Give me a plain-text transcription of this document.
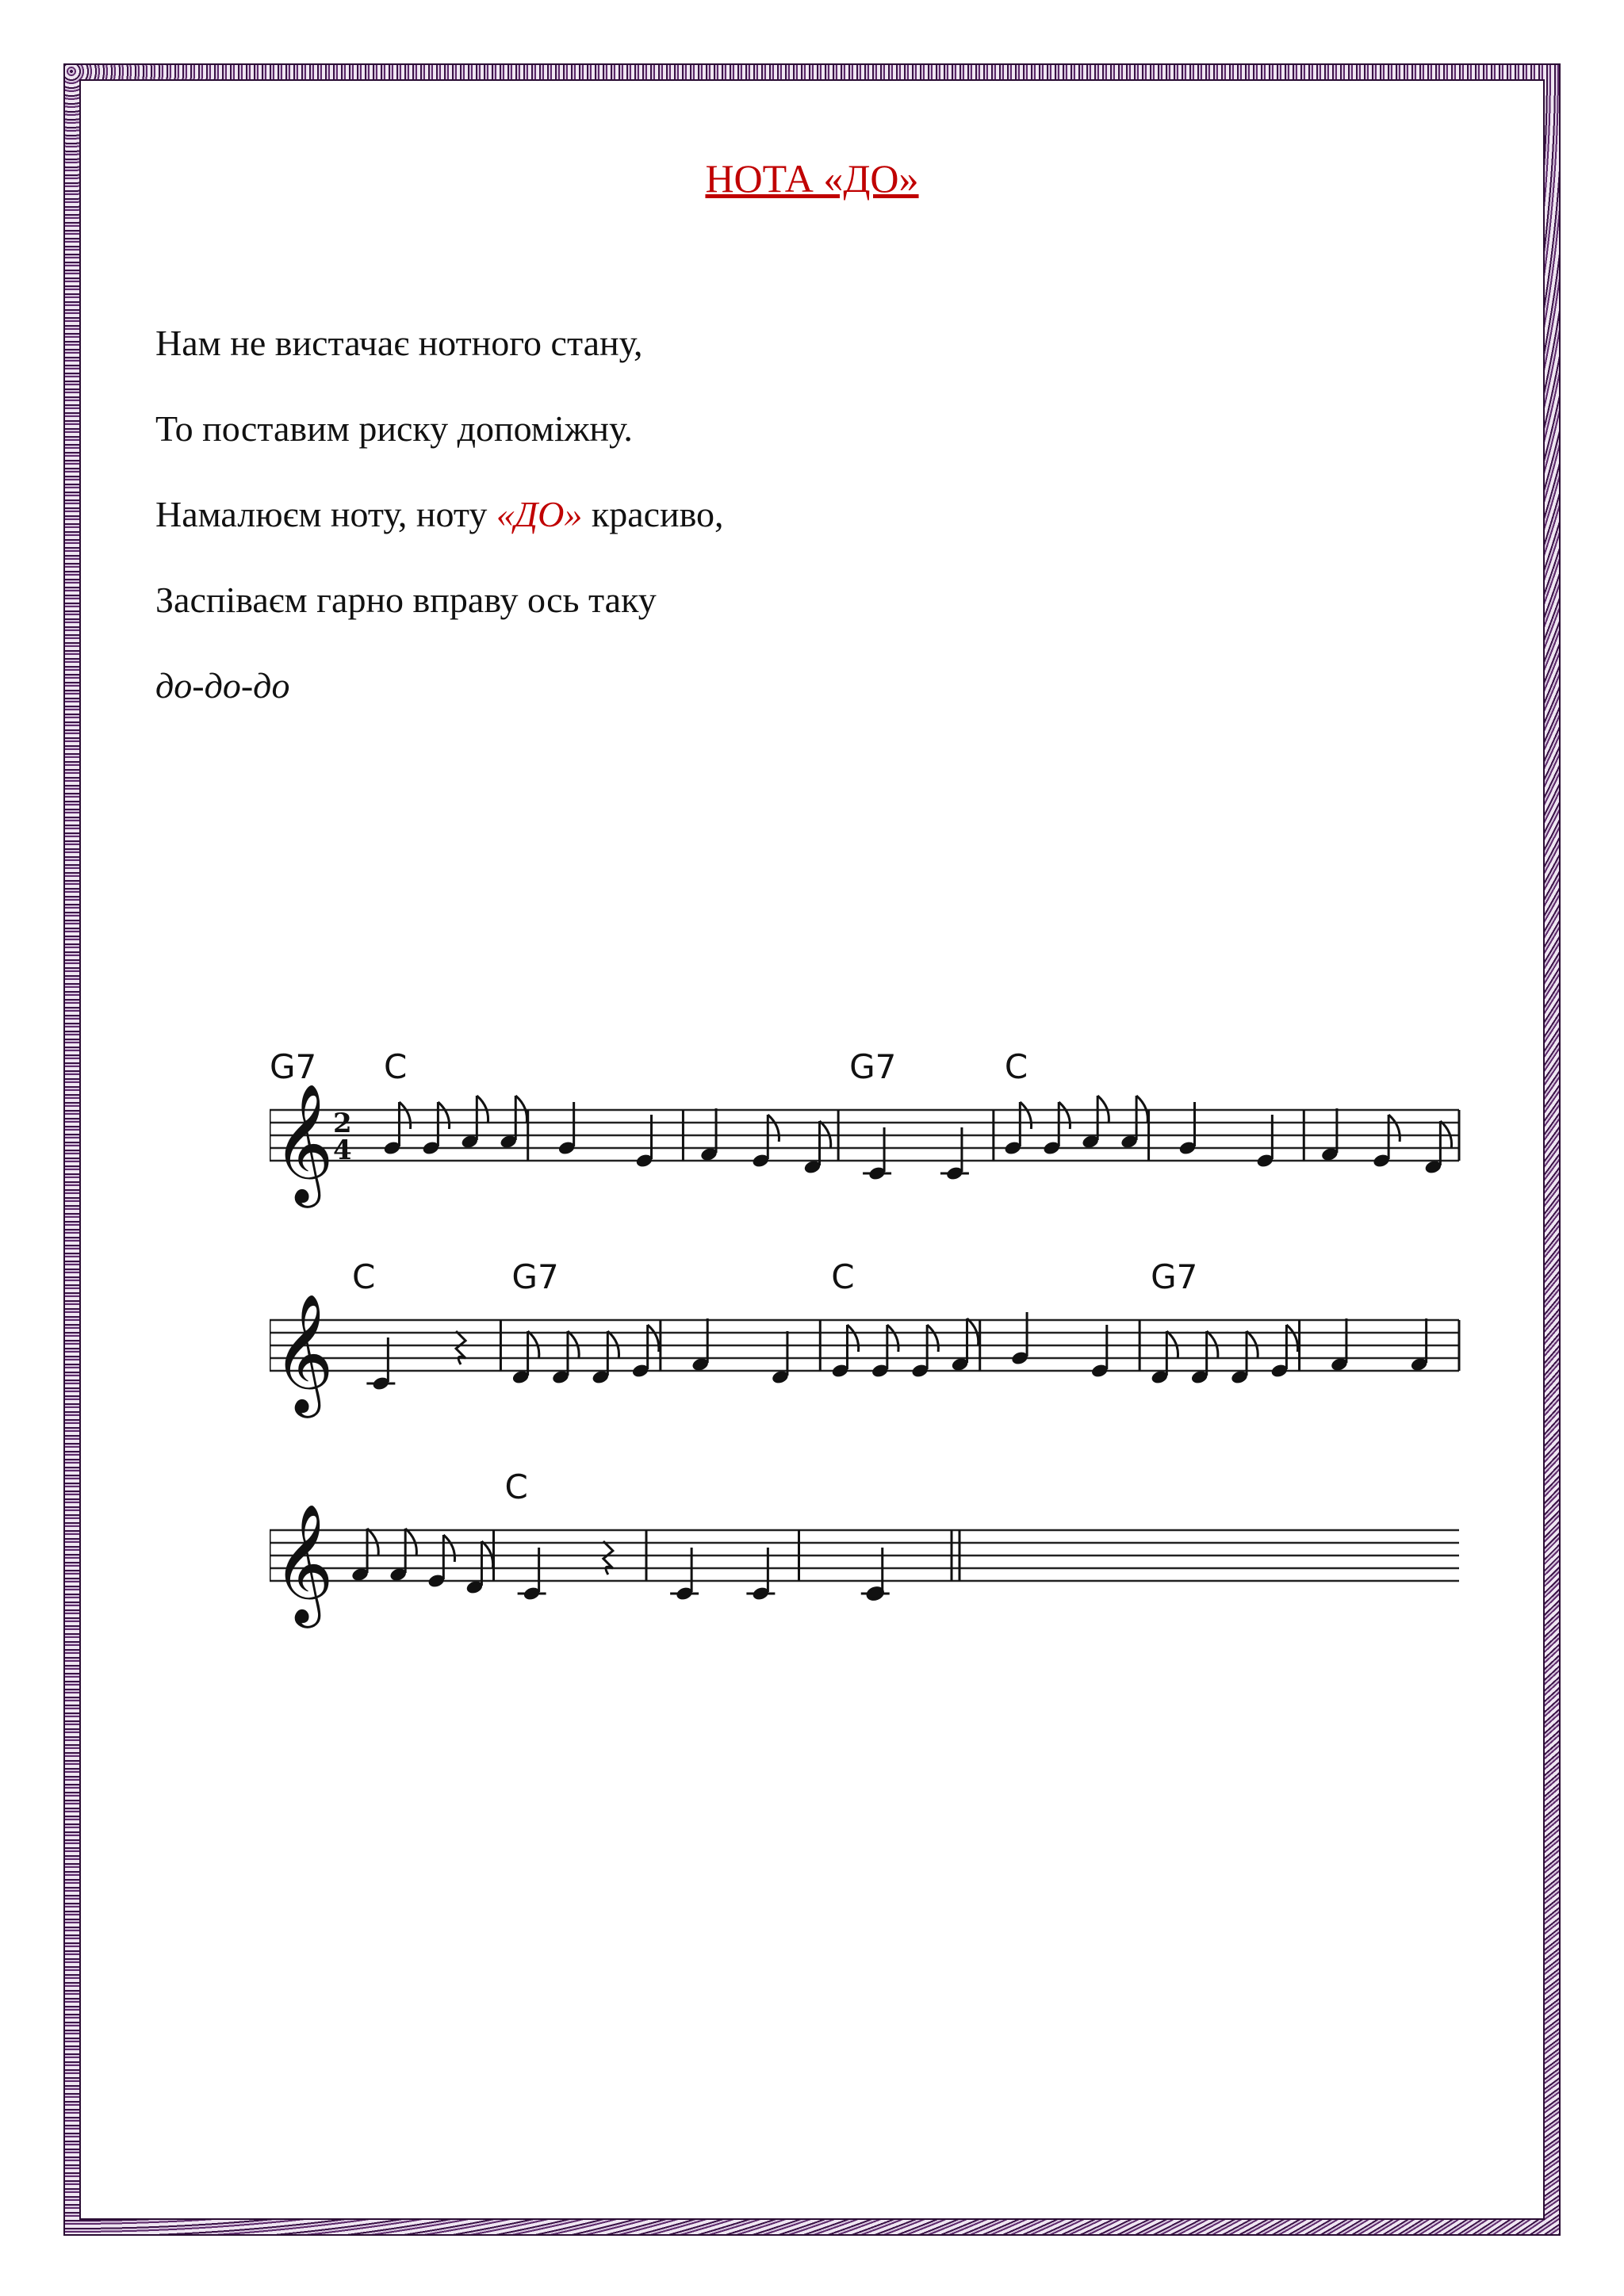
НОТА «ДО»
Нам не вистачає нотного стану,
То поставим риску допоміжну.
Намалюєм ноту, ноту «ДО» красиво,
Заспіваєм гарно вправу ось таку
до-до-до
𝄞 2
4
C	G7	C
G7
𝄞
C	G7	C	G7
𝄞
C
